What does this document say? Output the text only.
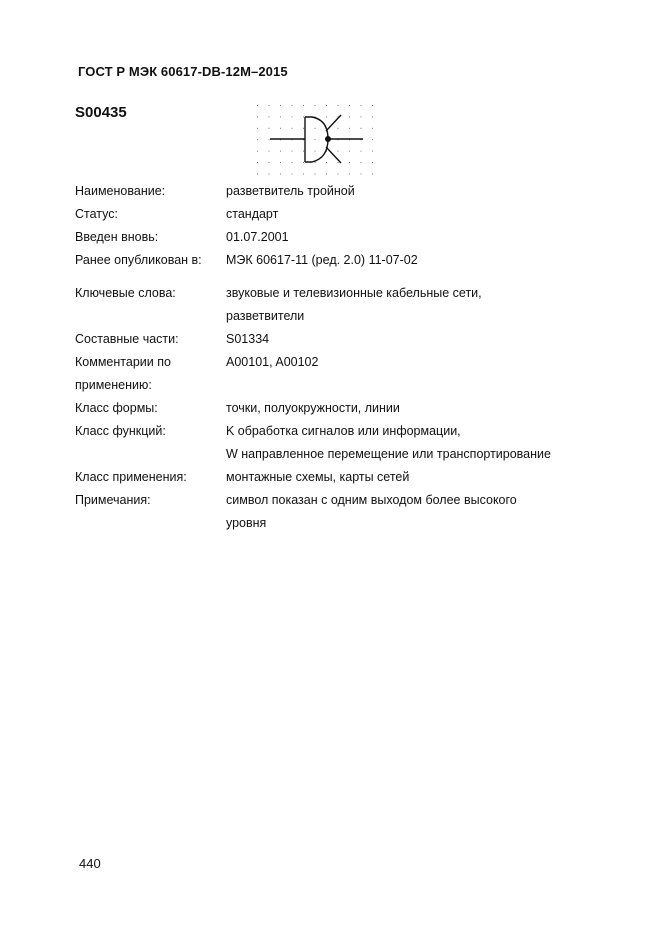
ГОСТ Р МЭК 60617-DB-12M–2015
S00435
Наименование:	разветвитель тройной
Статус:	стандарт
Введен вновь:	01.07.2001
Ранее опубликован в:	МЭК 60617-11 (ред. 2.0) 11-07-02
Ключевые слова:	звуковые и телевизионные кабельные сети,
разветвители
Составные части:	S01334
Комментарии по
применению:
A00101, A00102
Класс формы:	точки, полуокружности, линии
Класс функций:	K обработка сигналов или информации,
W направленное перемещение или транспортирование
Класс применения:	монтажные схемы, карты сетей
Примечания:	символ показан с одним выходом более высокого
уровня
440
